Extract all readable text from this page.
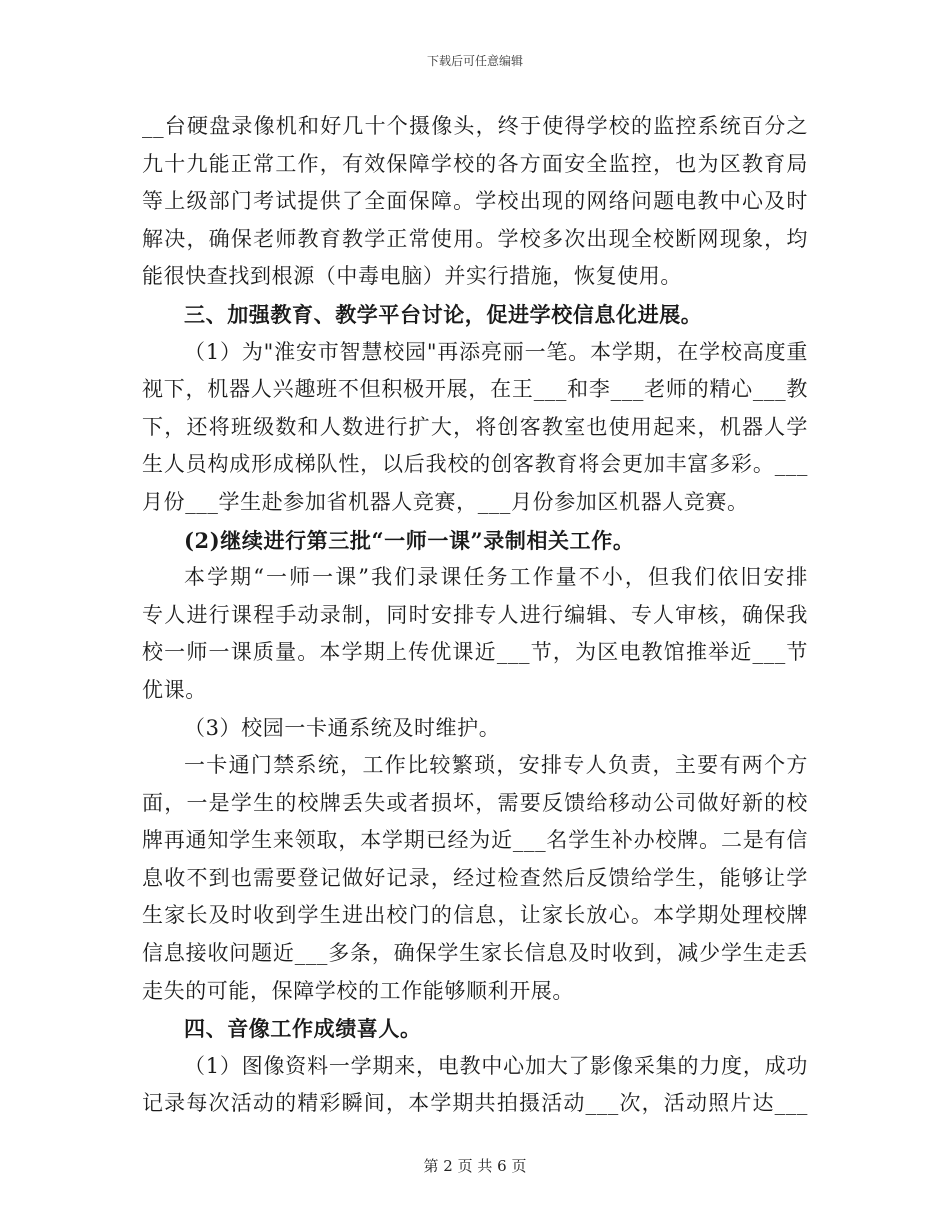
下载后可任意编辑
__台硬盘录像机和好几十个摄像头，终于使得学校的监控系统百分之
九十九能正常工作，有效保障学校的各方面安全监控，也为区教育局
等上级部门考试提供了全面保障。学校出现的网络问题电教中心及时
解决，确保老师教育教学正常使用。学校多次出现全校断网现象，均
能很快查找到根源（中毒电脑）并实行措施，恢复使用。
三、加强教育、教学平台讨论，促进学校信息化进展。
（1）为"淮安市智慧校园"再添亮丽一笔。本学期，在学校高度重
视下，机器人兴趣班不但积极开展，在王___和李___老师的精心___教
下，还将班级数和人数进行扩大，将创客教室也使用起来，机器人学
生人员构成形成梯队性，以后我校的创客教育将会更加丰富多彩。___
月份___学生赴参加省机器人竞赛，___月份参加区机器人竞赛。
(2)继续进行第三批“一师一课”录制相关工作。
本学期“一师一课”我们录课任务工作量不小，但我们依旧安排
专人进行课程手动录制，同时安排专人进行编辑、专人审核，确保我
校一师一课质量。本学期上传优课近___节，为区电教馆推举近___节
优课。
（3）校园一卡通系统及时维护。
一卡通门禁系统，工作比较繁琐，安排专人负责，主要有两个方
面，一是学生的校牌丢失或者损坏，需要反馈给移动公司做好新的校
牌再通知学生来领取，本学期已经为近___名学生补办校牌。二是有信
息收不到也需要登记做好记录，经过检查然后反馈给学生，能够让学
生家长及时收到学生进出校门的信息，让家长放心。本学期处理校牌
信息接收问题近___多条，确保学生家长信息及时收到，减少学生走丢
走失的可能，保障学校的工作能够顺利开展。
四、音像工作成绩喜人。
（1）图像资料一学期来，电教中心加大了影像采集的力度，成功
记录每次活动的精彩瞬间，本学期共拍摄活动___次，活动照片达___
第 2 页 共 6 页
